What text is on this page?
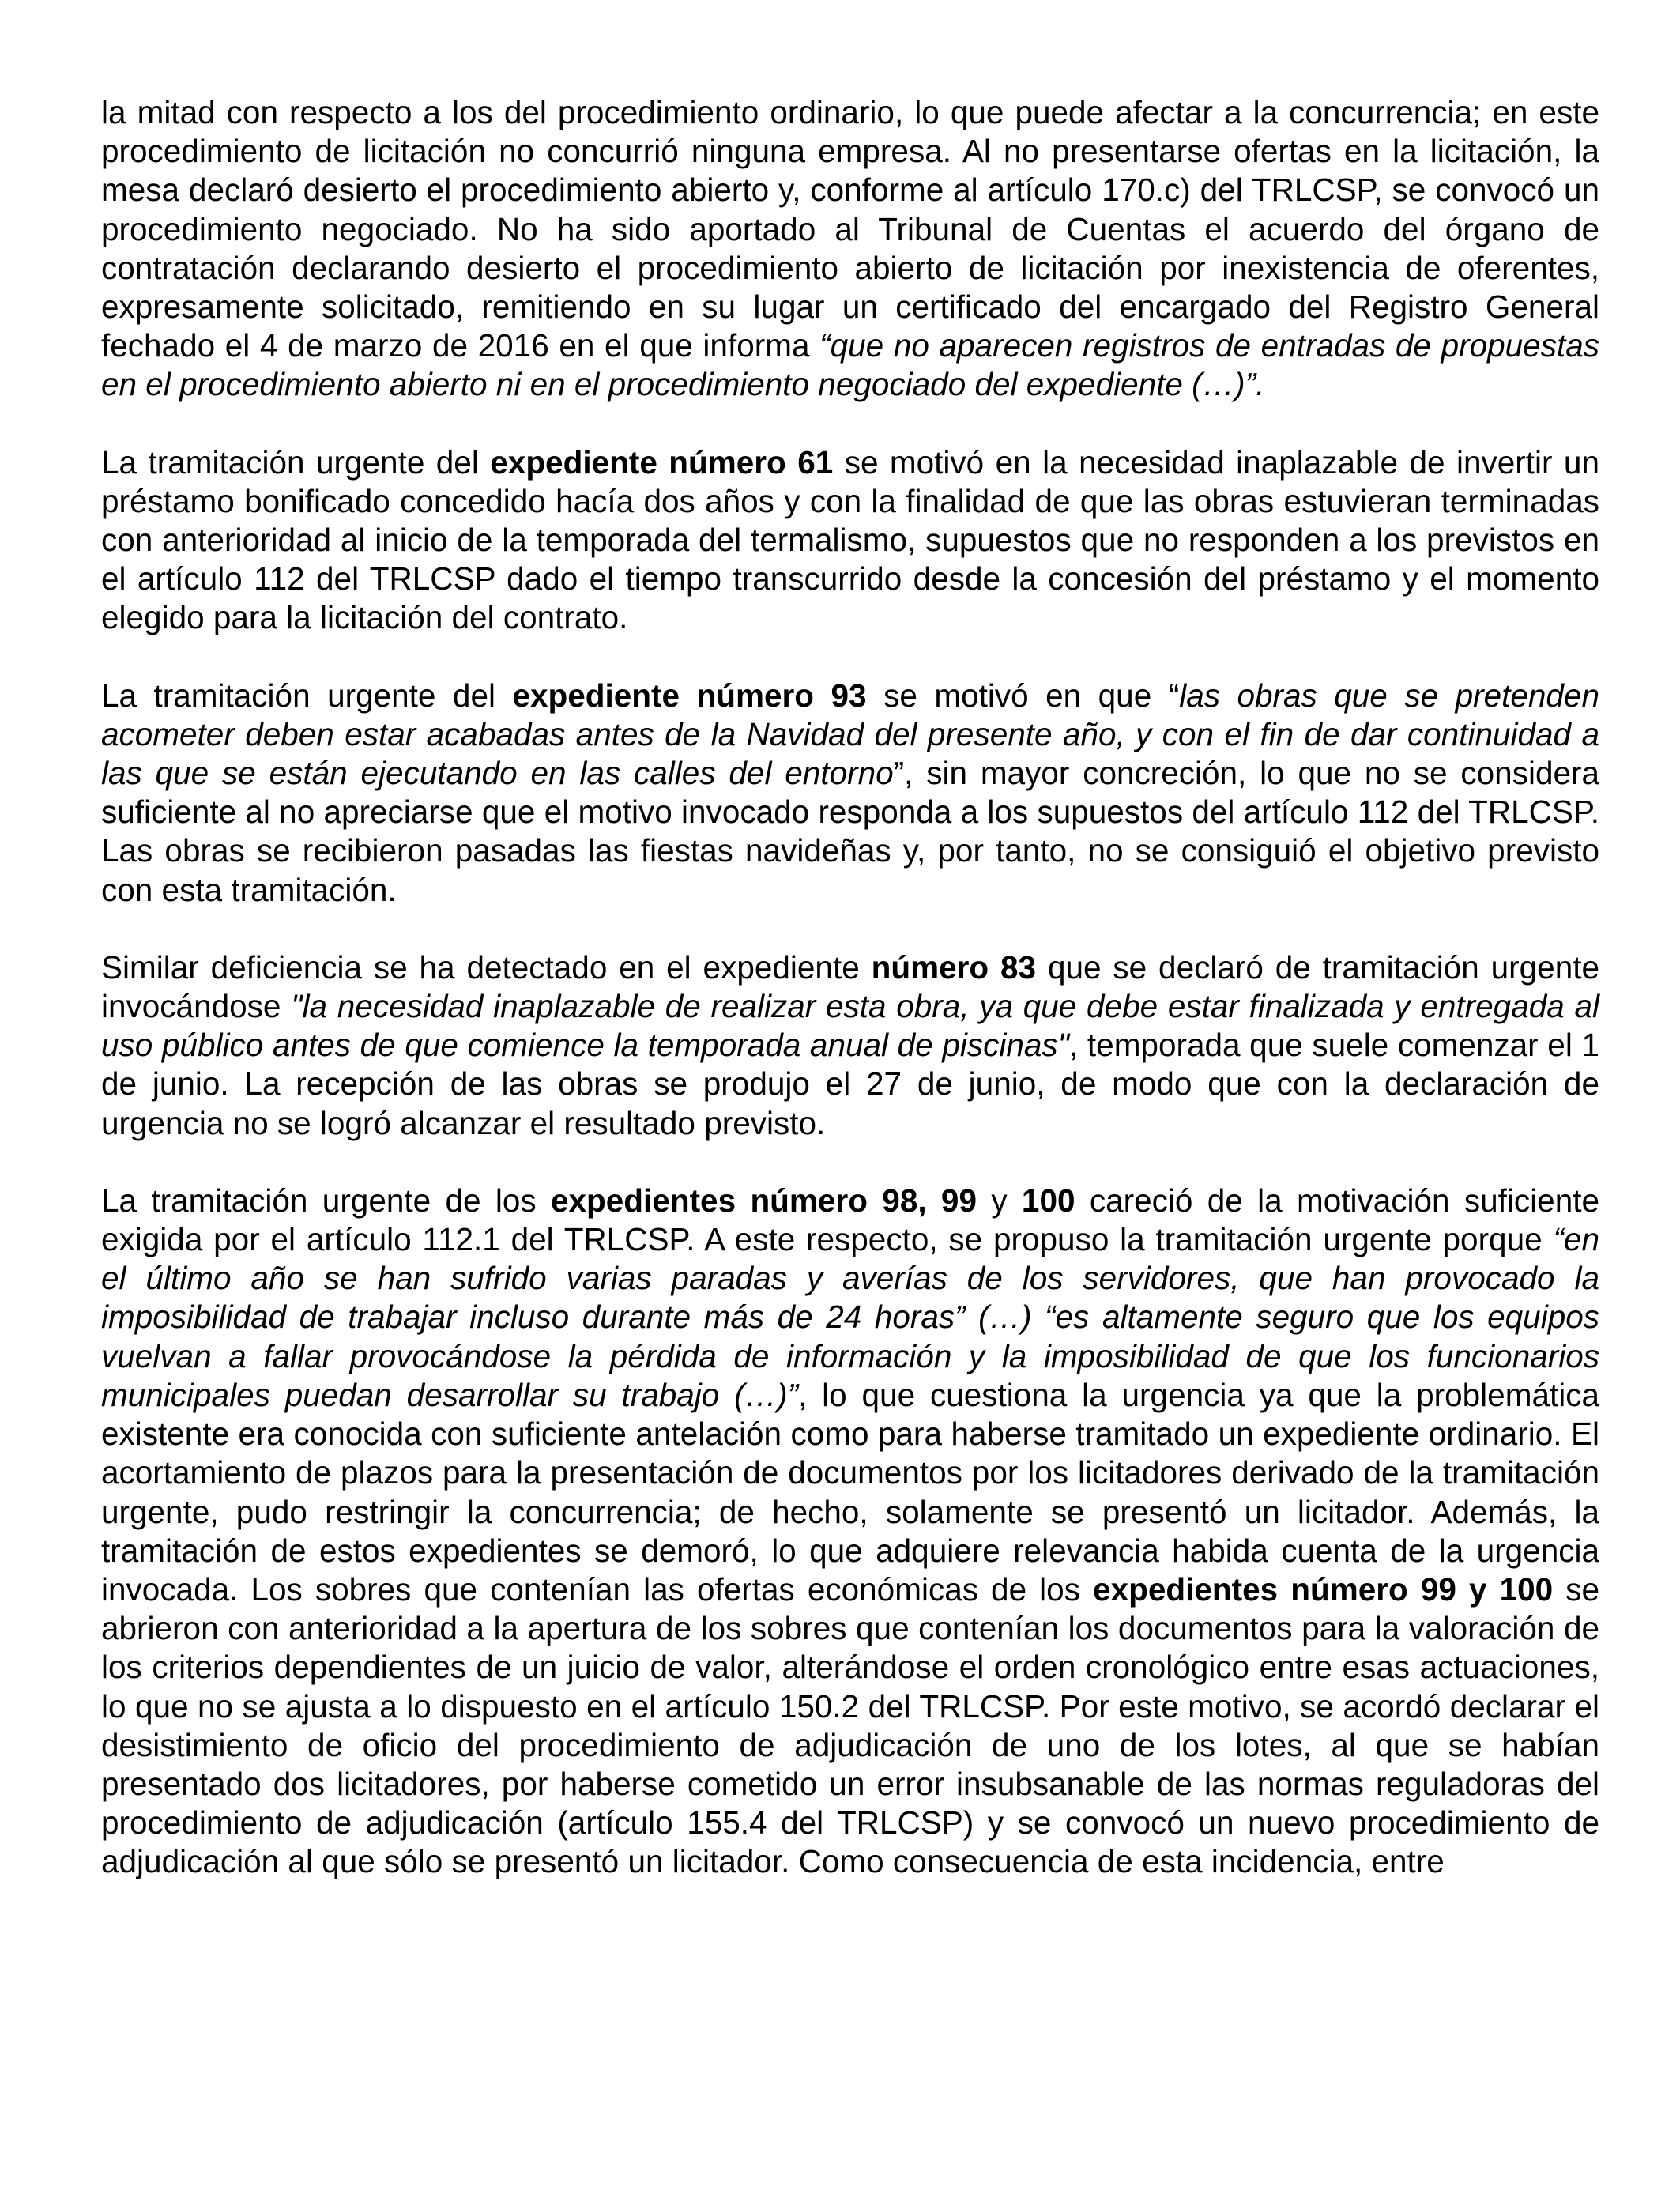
la mitad con respecto a los del procedimiento ordinario, lo que puede afectar a la concurrencia; en este procedimiento de licitación no concurrió ninguna empresa. Al no presentarse ofertas en la licitación, la mesa declaró desierto el procedimiento abierto y, conforme al artículo 170.c) del TRLCSP, se convocó un procedimiento negociado. No ha sido aportado al Tribunal de Cuentas el acuerdo del órgano de contratación declarando desierto el procedimiento abierto de licitación por inexistencia de oferentes, expresamente solicitado, remitiendo en su lugar un certificado del encargado del Registro General fechado el 4 de marzo de 2016 en el que informa “que no aparecen registros de entradas de propuestas en el procedimiento abierto ni en el procedimiento negociado del expediente (…)”.

La tramitación urgente del expediente número 61 se motivó en la necesidad inaplazable de invertir un préstamo bonificado concedido hacía dos años y con la finalidad de que las obras estuvieran terminadas con anterioridad al inicio de la temporada del termalismo, supuestos que no responden a los previstos en el artículo 112 del TRLCSP dado el tiempo transcurrido desde la concesión del préstamo y el momento elegido para la licitación del contrato.

La tramitación urgente del expediente número 93 se motivó en que “las obras que se pretenden acometer deben estar acabadas antes de la Navidad del presente año, y con el fin de dar continuidad a las que se están ejecutando en las calles del entorno”, sin mayor concreción, lo que no se considera suficiente al no apreciarse que el motivo invocado responda a los supuestos del artículo 112 del TRLCSP. Las obras se recibieron pasadas las fiestas navideñas y, por tanto, no se consiguió el objetivo previsto con esta tramitación.

Similar deficiencia se ha detectado en el expediente número 83 que se declaró de tramitación urgente invocándose "la necesidad inaplazable de realizar esta obra, ya que debe estar finalizada y entregada al uso público antes de que comience la temporada anual de piscinas", temporada que suele comenzar el 1 de junio. La recepción de las obras se produjo el 27 de junio, de modo que con la declaración de urgencia no se logró alcanzar el resultado previsto.

La tramitación urgente de los expedientes número 98, 99 y 100 careció de la motivación suficiente exigida por el artículo 112.1 del TRLCSP. A este respecto, se propuso la tramitación urgente porque “en el último año se han sufrido varias paradas y averías de los servidores, que han provocado la imposibilidad de trabajar incluso durante más de 24 horas” (…) “es altamente seguro que los equipos vuelvan a fallar provocándose la pérdida de información y la imposibilidad de que los funcionarios municipales puedan desarrollar su trabajo (…)”, lo que cuestiona la urgencia ya que la problemática existente era conocida con suficiente antelación como para haberse tramitado un expediente ordinario. El acortamiento de plazos para la presentación de documentos por los licitadores derivado de la tramitación urgente, pudo restringir la concurrencia; de hecho, solamente se presentó un licitador. Además, la tramitación de estos expedientes se demoró, lo que adquiere relevancia habida cuenta de la urgencia invocada. Los sobres que contenían las ofertas económicas de los expedientes número 99 y 100 se abrieron con anterioridad a la apertura de los sobres que contenían los documentos para la valoración de los criterios dependientes de un juicio de valor, alterándose el orden cronológico entre esas actuaciones, lo que no se ajusta a lo dispuesto en el artículo 150.2 del TRLCSP. Por este motivo, se acordó declarar el desistimiento de oficio del procedimiento de adjudicación de uno de los lotes, al que se habían presentado dos licitadores, por haberse cometido un error insubsanable de las normas reguladoras del procedimiento de adjudicación (artículo 155.4 del TRLCSP) y se convocó un nuevo procedimiento de adjudicación al que sólo se presentó un licitador. Como consecuencia de esta incidencia, entre
